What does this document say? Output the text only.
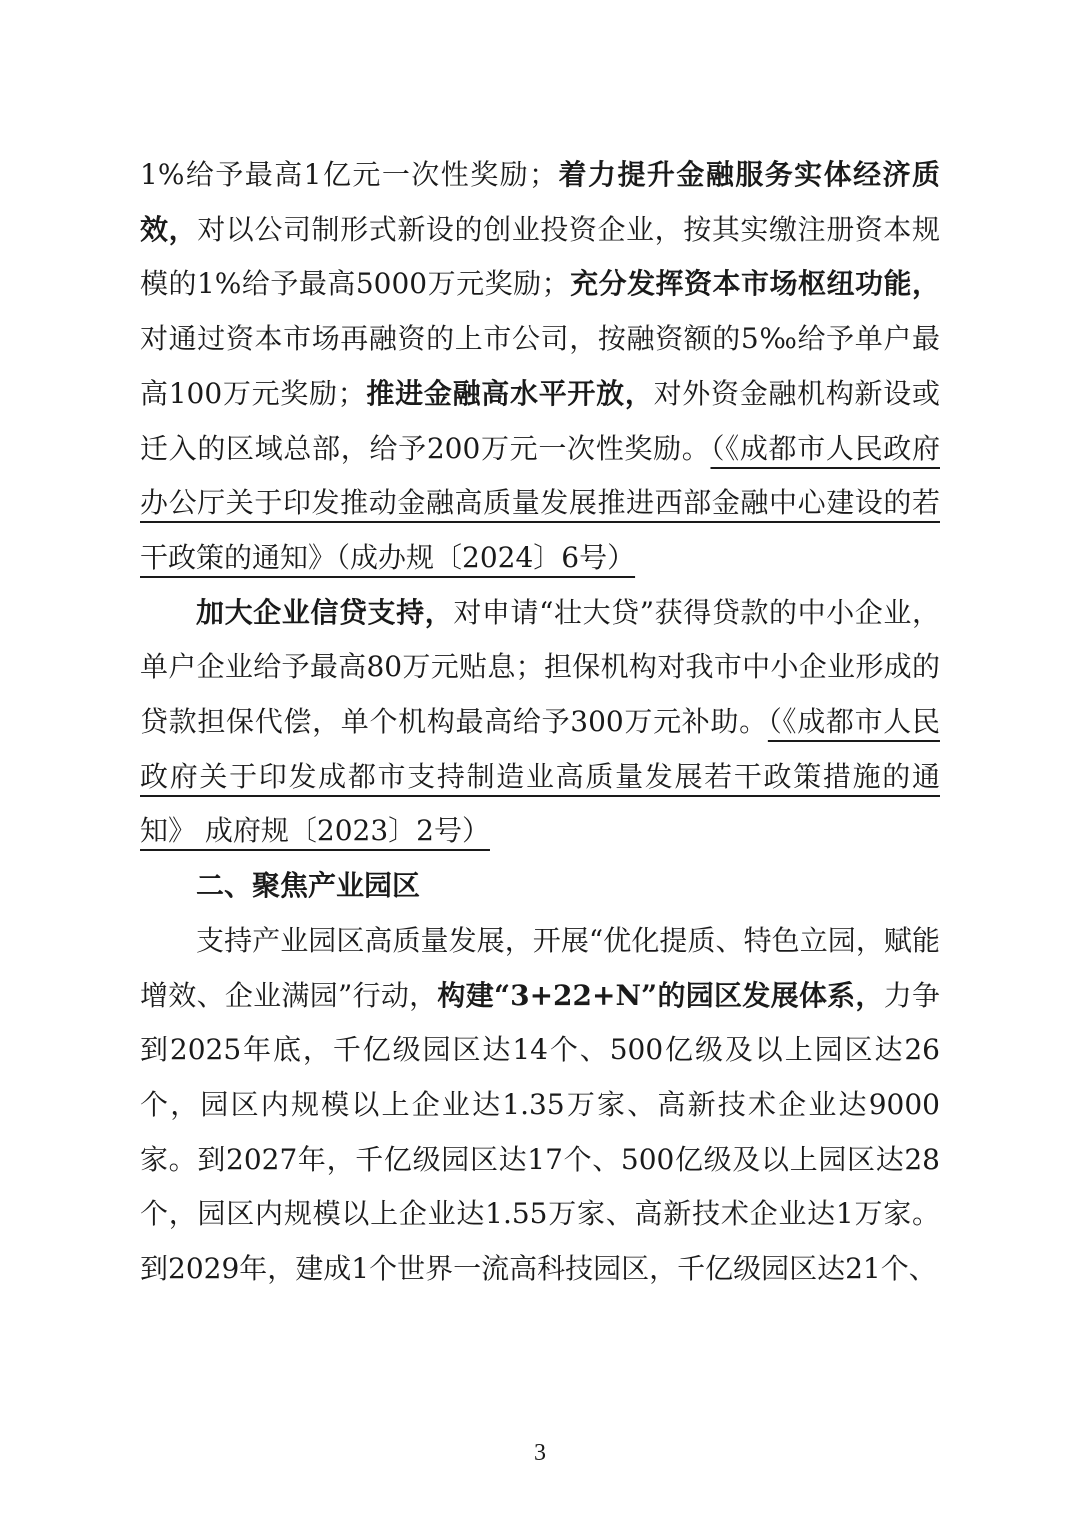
1%给予最高1亿元一次性奖励；着力提升金融服务实体经济质效，对以公司制形式新设的创业投资企业，按其实缴注册资本规模的1%给予最高5000万元奖励；充分发挥资本市场枢纽功能，对通过资本市场再融资的上市公司，按融资额的5‰给予单户最高100万元奖励；推进金融高水平开放，对外资金融机构新设或迁入的区域总部，给予200万元一次性奖励。（《成都市人民政府办公厅关于印发推动金融高质量发展推进西部金融中心建设的若干政策的通知》（成办规〔2024〕6号）

加大企业信贷支持，对申请“壮大贷”获得贷款的中小企业，单户企业给予最高80万元贴息；担保机构对我市中小企业形成的贷款担保代偿，单个机构最高给予300万元补助。（《成都市人民政府关于印发成都市支持制造业高质量发展若干政策措施的通知》 成府规〔2023〕2号）

二、聚焦产业园区

支持产业园区高质量发展，开展“优化提质、特色立园，赋能增效、企业满园”行动，构建“3+22+N”的园区发展体系，力争到2025年底，千亿级园区达14个、500亿级及以上园区达26个，园区内规模以上企业达1.35万家、高新技术企业达9000家。到2027年，千亿级园区达17个、500亿级及以上园区达28个，园区内规模以上企业达1.55万家、高新技术企业达1万家。到2029年，建成1个世界一流高科技园区，千亿级园区达21个、

3
